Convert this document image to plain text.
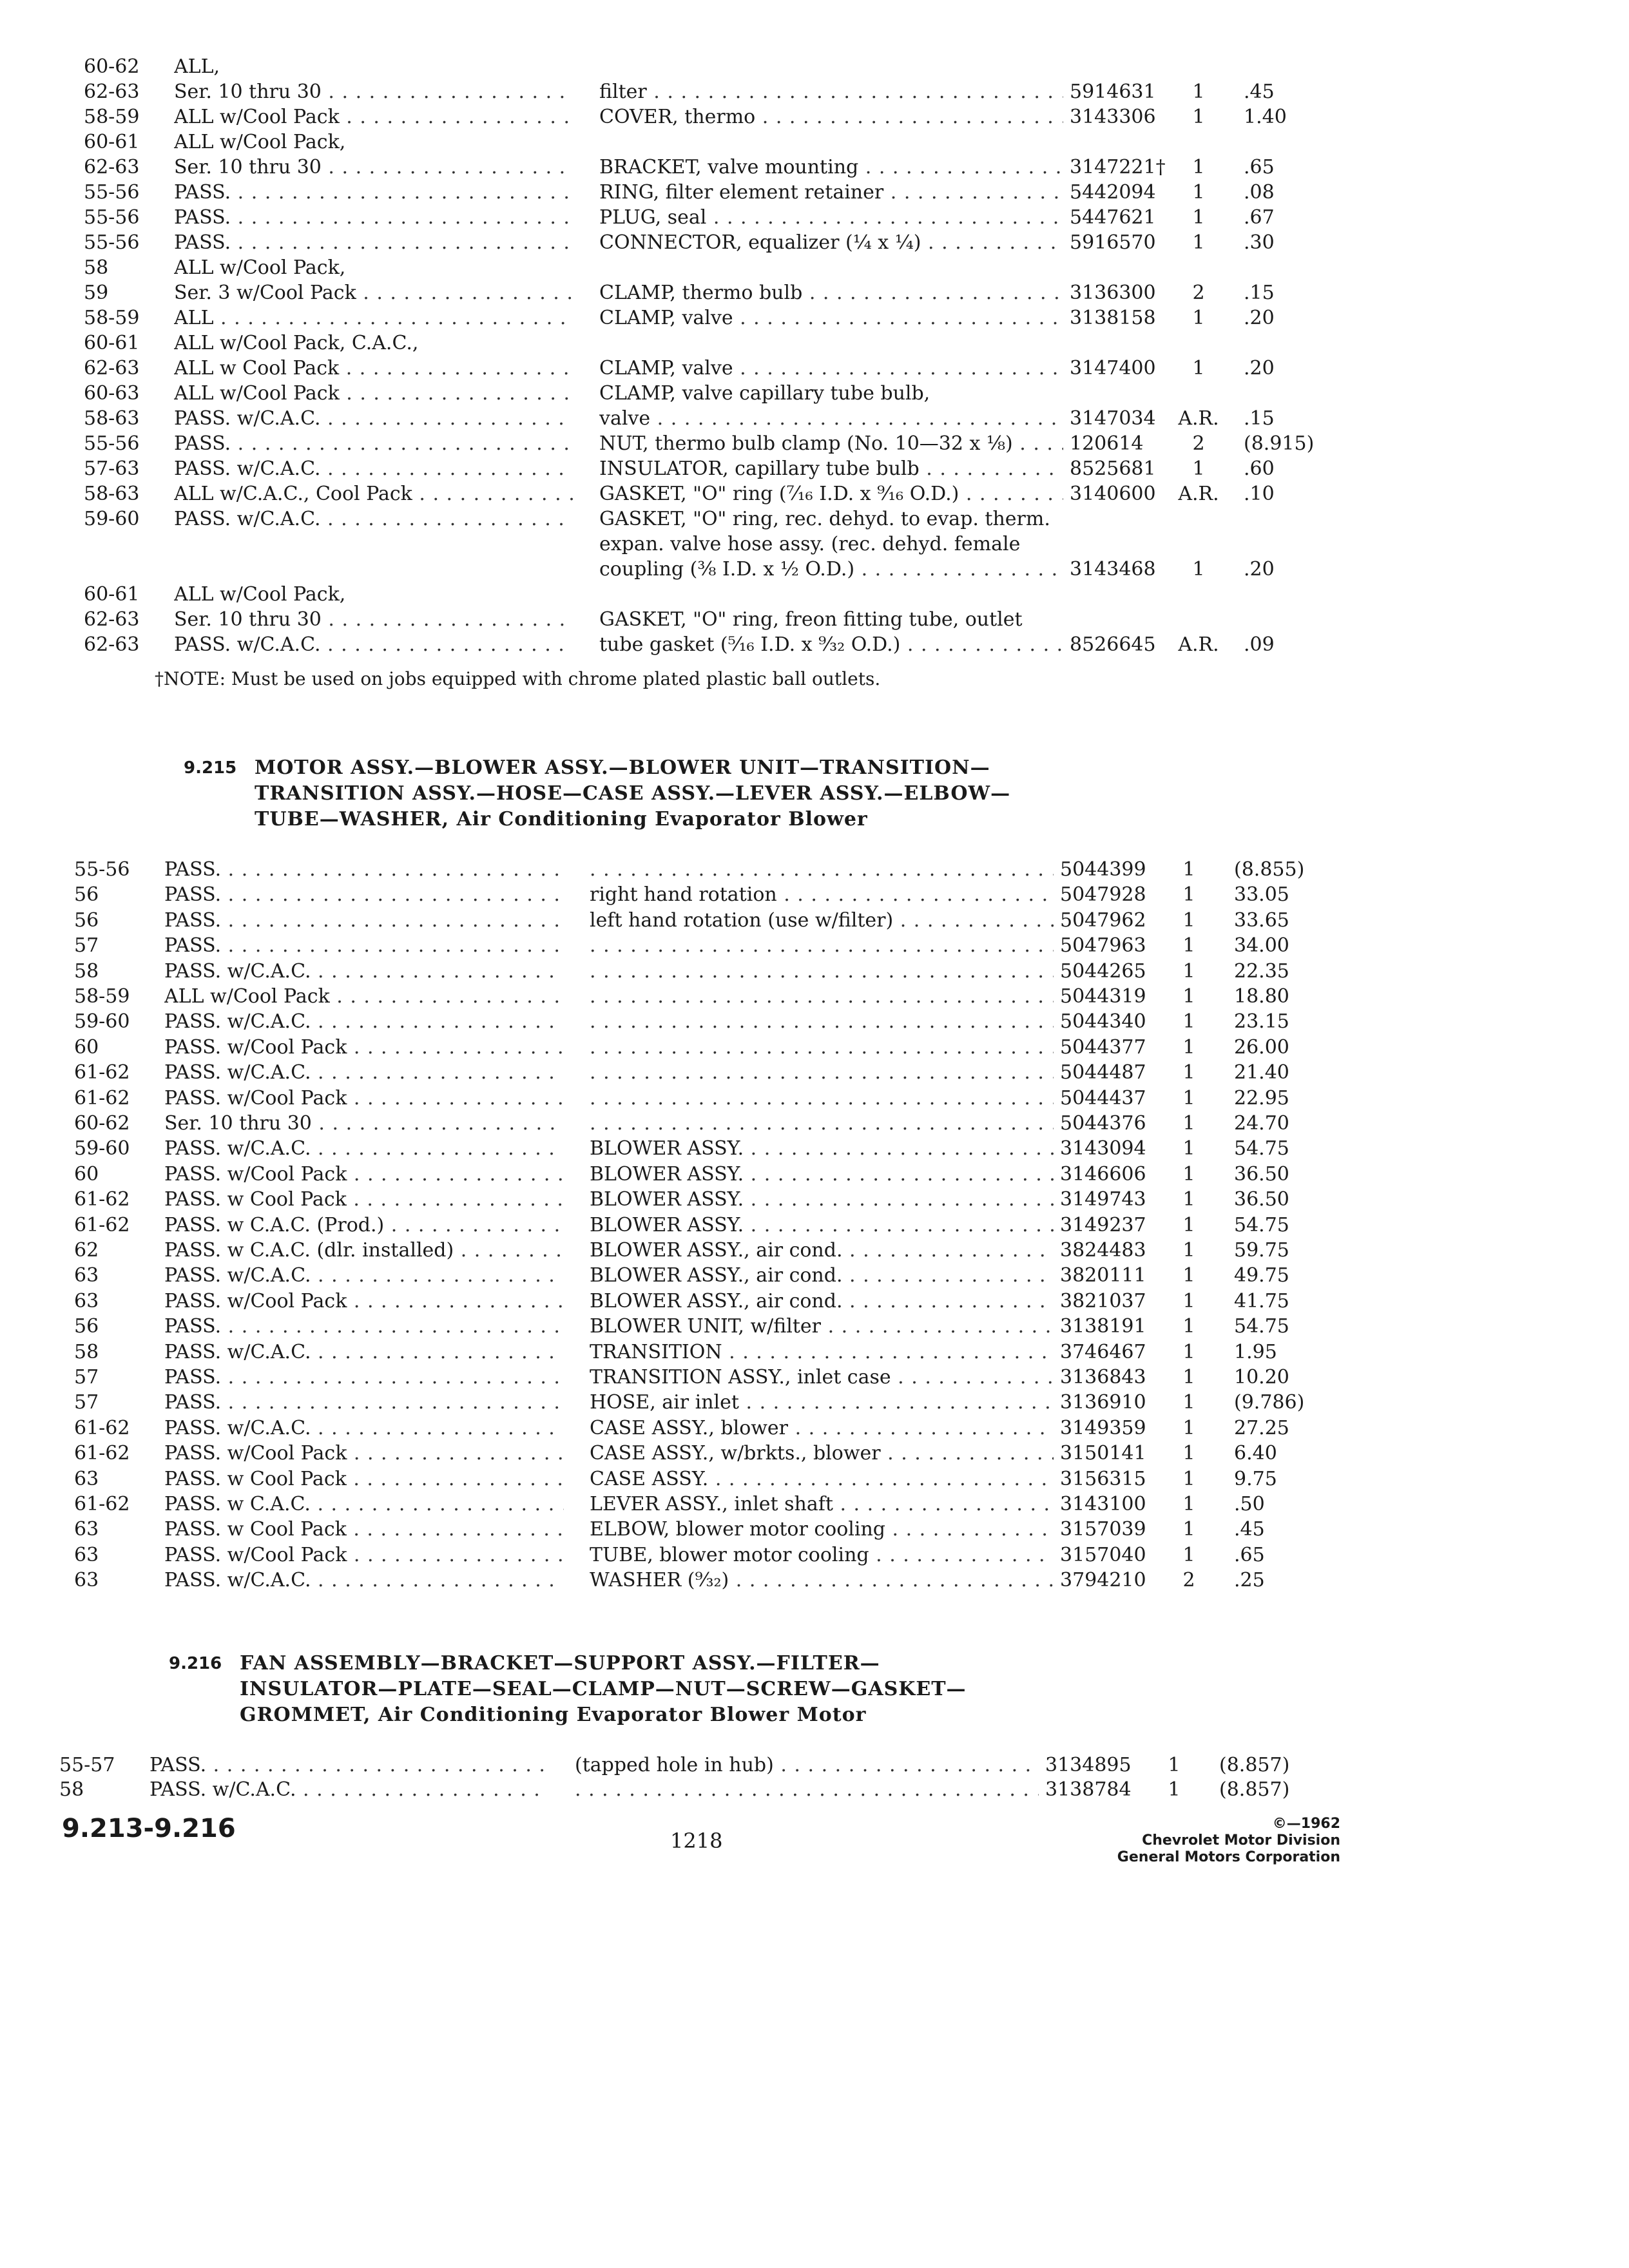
60-62	ALL,
62-63	Ser. 10 thru 30 . . .	filter . . .	5914631	1	.45
58-59	ALL w/Cool Pack . . .	COVER, thermo . . .	3143306	1	1.40
60-61	ALL w/Cool Pack,
62-63	Ser. 10 thru 30 . . .	BRACKET, valve mounting . . .	3147221†	1	.65
55-56	PASS. . . .	RING, filter element retainer . . .	5442094	1	.08
55-56	PASS. . . .	PLUG, seal . . .	5447621	1	.67
55-56	PASS. . . .	CONNECTOR, equalizer (¼ x ¼) . . .	5916570	1	.30
58	ALL w/Cool Pack,
59	Ser. 3 w/Cool Pack . . .	CLAMP, thermo bulb . . .	3136300	2	.15
58-59	ALL . . .	CLAMP, valve . . .	3138158	1	.20
60-61	ALL w/Cool Pack, C.A.C.,
62-63	ALL w Cool Pack . . .	CLAMP, valve . . .	3147400	1	.20
60-63	ALL w/Cool Pack . . .	CLAMP, valve capillary tube bulb,
58-63	PASS. w/C.A.C. . . .	valve . . .	3147034	A.R. .15
55-56	PASS. . . .	NUT, thermo bulb clamp (No. 10—32 x ⅛) . . .	120614	2	(8.915)
57-63	PASS. w/C.A.C. . . .	INSULATOR, capillary tube bulb . . .	8525681	1	.60
58-63	ALL w/C.A.C., Cool Pack . . .	GASKET, "O" ring (⁷⁄₁₆ I.D. x ⁹⁄₁₆ O.D.) . . .	3140600	A.R. .10
59-60	PASS. w/C.A.C. . . .	GASKET, "O" ring, rec. dehyd. to evap. therm.
expan. valve hose assy. (rec. dehyd. female
coupling (⅜ I.D. x ½ O.D.) . . .	3143468	1	.20
60-61	ALL w/Cool Pack,
62-63	Ser. 10 thru 30 . . .	GASKET, "O" ring, freon fitting tube, outlet
62-63	PASS. w/C.A.C. . . .	tube gasket (⁵⁄₁₆ I.D. x ⁹⁄₃₂ O.D.) . . .	8526645	A.R. .09
†NOTE: Must be used on jobs equipped with chrome plated plastic ball outlets.
9.215 MOTOR ASSY.—BLOWER ASSY.—BLOWER UNIT—TRANSITION—
TRANSITION ASSY.—HOSE—CASE ASSY.—LEVER ASSY.—ELBOW—
TUBE—WASHER, Air Conditioning Evaporator Blower
55-56	PASS. . . . . . .	5044399	1	(8.855)
56	PASS. . . .	right hand rotation . . .	5047928	1	33.05
56	PASS. . . .	left hand rotation (use w/filter) . . .	5047962	1	33.65
57	PASS. . . . . . .	5047963	1	34.00
58	PASS. w/C.A.C. . . . . . .	5044265	1	22.35
58-59	ALL w/Cool Pack . . . . . .	5044319	1	18.80
59-60	PASS. w/C.A.C. . . . . . .	5044340	1	23.15
60	PASS. w/Cool Pack . . . . . .	5044377	1	26.00
61-62	PASS. w/C.A.C. . . . . . .	5044487	1	21.40
61-62	PASS. w/Cool Pack . . . . . .	5044437	1	22.95
60-62	Ser. 10 thru 30 . . . . . .	5044376	1	24.70
59-60	PASS. w/C.A.C. . . .	BLOWER ASSY. . . .	3143094	1	54.75
60	PASS. w/Cool Pack . . .	BLOWER ASSY. . . .	3146606	1	36.50
61-62	PASS. w Cool Pack . . .	BLOWER ASSY. . . .	3149743	1	36.50
61-62	PASS. w C.A.C. (Prod.) . . .	BLOWER ASSY. . . .	3149237	1	54.75
62	PASS. w C.A.C. (dlr. installed) . . .	BLOWER ASSY., air cond. . . .	3824483	1	59.75
63	PASS. w/C.A.C. . . .	BLOWER ASSY., air cond. . . .	3820111	1	49.75
63	PASS. w/Cool Pack . . .	BLOWER ASSY., air cond. . . .	3821037	1	41.75
56	PASS. . . .	BLOWER UNIT, w/filter . . .	3138191	1	54.75
58	PASS. w/C.A.C. . . .	TRANSITION . . .	3746467	1	1.95
57	PASS. . . .	TRANSITION ASSY., inlet case . . .	3136843	1	10.20
57	PASS. . . .	HOSE, air inlet . . .	3136910	1	(9.786)
61-62	PASS. w/C.A.C. . . .	CASE ASSY., blower . . .	3149359	1	27.25
61-62	PASS. w/Cool Pack . . .	CASE ASSY., w/brkts., blower . . .	3150141	1	6.40
63	PASS. w Cool Pack . . .	CASE ASSY. . . .	3156315	1	9.75
61-62	PASS. w C.A.C. . . .	LEVER ASSY., inlet shaft . . .	3143100	1	.50
63	PASS. w Cool Pack . . .	ELBOW, blower motor cooling . . .	3157039	1	.45
63	PASS. w/Cool Pack . . .	TUBE, blower motor cooling . . .	3157040	1	.65
63	PASS. w/C.A.C. . . .	WASHER (⁹⁄₃₂) . . .	3794210	2	.25
9.216 FAN ASSEMBLY—BRACKET—SUPPORT ASSY.—FILTER—
INSULATOR—PLATE—SEAL—CLAMP—NUT—SCREW—GASKET—
GROMMET, Air Conditioning Evaporator Blower Motor
55-57	PASS. . . .	(tapped hole in hub) . . .	3134895	1	(8.857)
58	PASS. w/C.A.C. . . . . . .	3138784	1	(8.857)
9.213-9.216	1218
©—1962
Chevrolet Motor Division
General Motors Corporation
